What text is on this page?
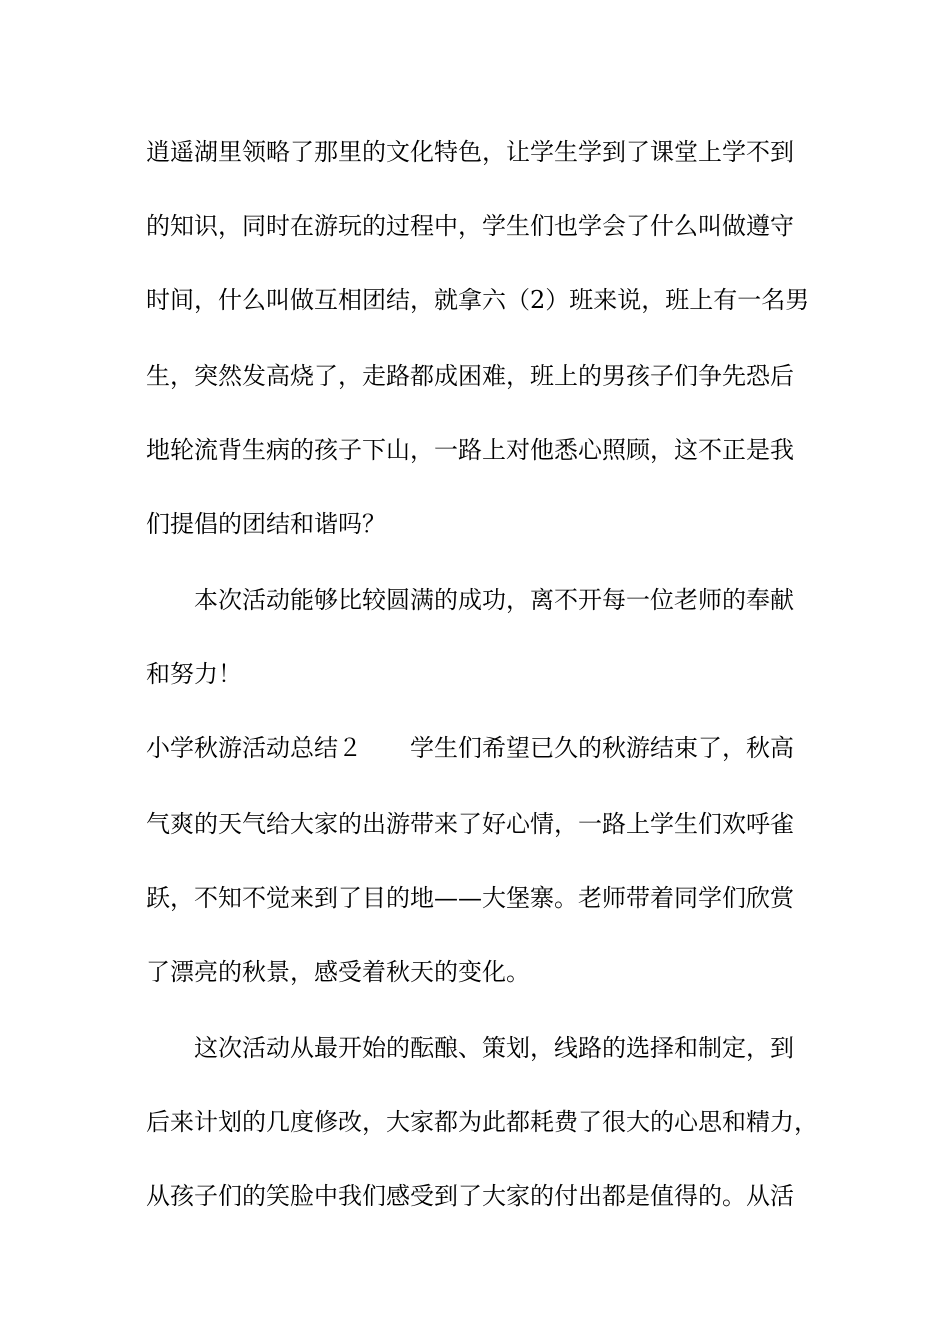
逍遥湖里领略了那里的文化特色，让学生学到了课堂上学不到
的知识，同时在游玩的过程中，学生们也学会了什么叫做遵守
时间，什么叫做互相团结，就拿六（2）班来说，班上有一名男
生，突然发高烧了，走路都成困难，班上的男孩子们争先恐后
地轮流背生病的孩子下山，一路上对他悉心照顾，这不正是我
们提倡的团结和谐吗？
本次活动能够比较圆满的成功，离不开每一位老师的奉献
和努力！
小学秋游活动总结２ 学生们希望已久的秋游结束了，秋高
气爽的天气给大家的出游带来了好心情，一路上学生们欢呼雀
跃，不知不觉来到了目的地——大堡寨。老师带着同学们欣赏
了漂亮的秋景，感受着秋天的变化。
这次活动从最开始的酝酿、策划，线路的选择和制定，到
后来计划的几度修改，大家都为此都耗费了很大的心思和精力，
从孩子们的笑脸中我们感受到了大家的付出都是值得的。从活
